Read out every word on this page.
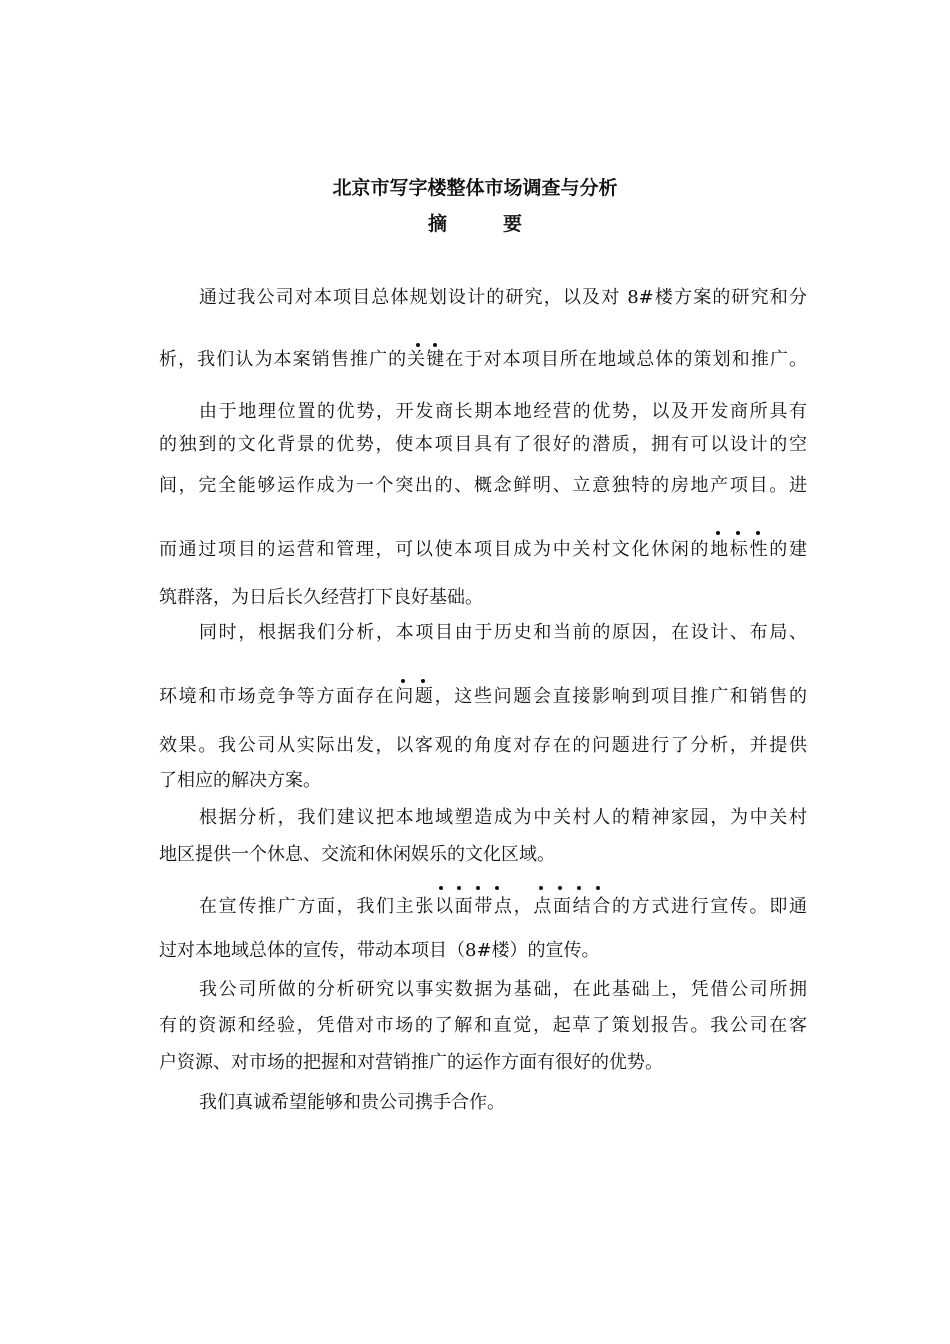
北京市写字楼整体市场调查与分析
摘要
通过我公司对本项目总体规划设计的研究，以及对 8#楼方案的研究和分
析，我们认为本案销售推广的关键在于对本项目所在地域总体的策划和推广。
由于地理位置的优势，开发商长期本地经营的优势，以及开发商所具有
的独到的文化背景的优势，使本项目具有了很好的潜质，拥有可以设计的空
间，完全能够运作成为一个突出的、概念鲜明、立意独特的房地产项目。进
而通过项目的运营和管理，可以使本项目成为中关村文化休闲的地标性的建
筑群落，为日后长久经营打下良好基础。
同时，根据我们分析，本项目由于历史和当前的原因，在设计、布局、
环境和市场竞争等方面存在问题，这些问题会直接影响到项目推广和销售的
效果。我公司从实际出发，以客观的角度对存在的问题进行了分析，并提供
了相应的解决方案。
根据分析，我们建议把本地域塑造成为中关村人的精神家园，为中关村
地区提供一个休息、交流和休闲娱乐的文化区域。
在宣传推广方面，我们主张以面带点，点面结合的方式进行宣传。即通
过对本地域总体的宣传，带动本项目（8#楼）的宣传。
我公司所做的分析研究以事实数据为基础，在此基础上，凭借公司所拥
有的资源和经验，凭借对市场的了解和直觉，起草了策划报告。我公司在客
户资源、对市场的把握和对营销推广的运作方面有很好的优势。
我们真诚希望能够和贵公司携手合作。
